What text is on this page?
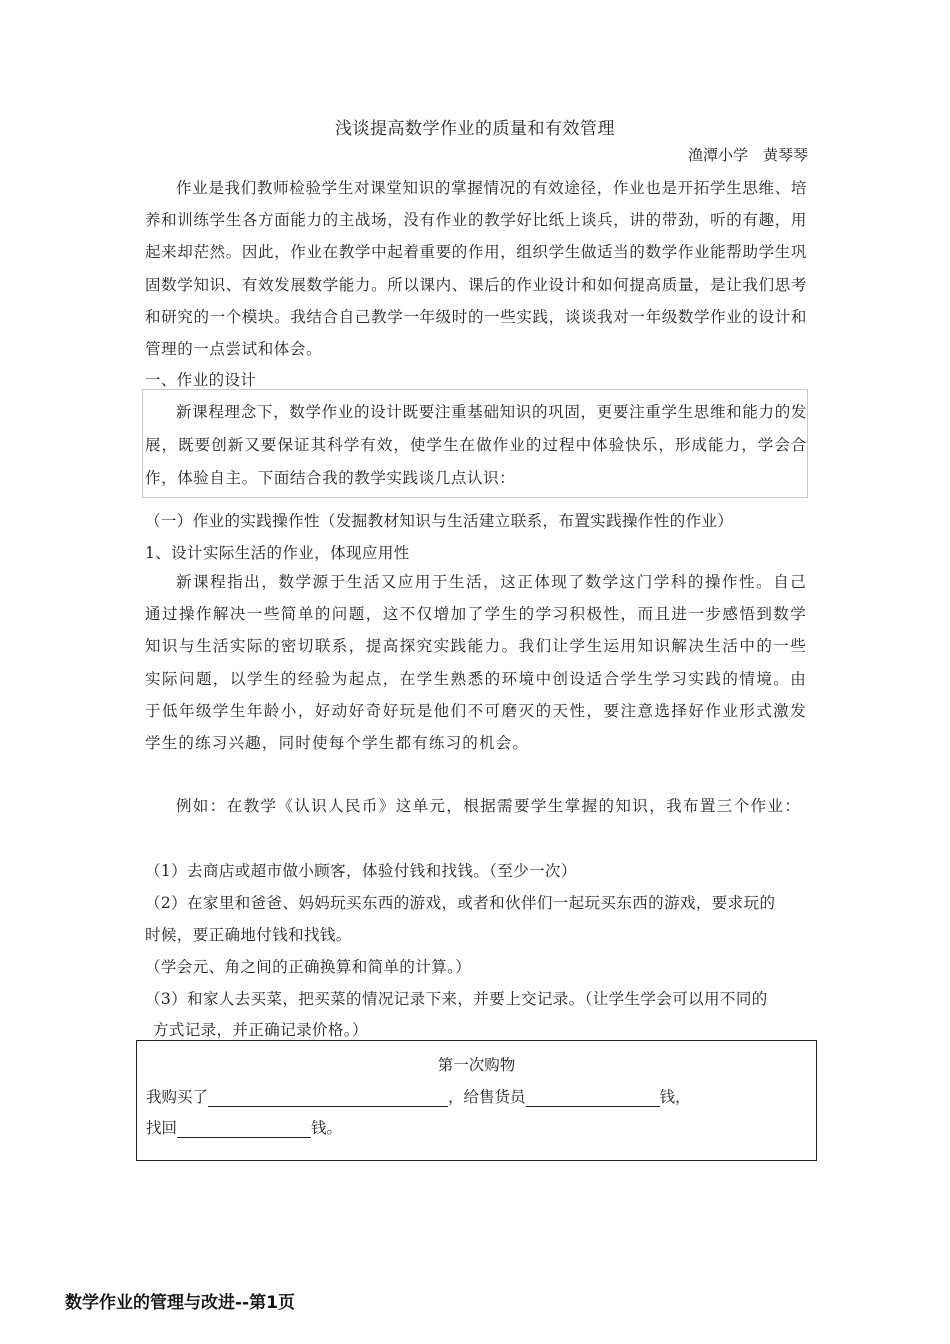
浅谈提高数学作业的质量和有效管理
渔潭小学　黄琴琴

作业是我们教师检验学生对课堂知识的掌握情况的有效途径，作业也是开拓学生思维、培养和训练学生各方面能力的主战场，没有作业的教学好比纸上谈兵，讲的带劲，听的有趣，用起来却茫然。因此，作业在教学中起着重要的作用，组织学生做适当的数学作业能帮助学生巩固数学知识、有效发展数学能力。所以课内、课后的作业设计和如何提高质量，是让我们思考和研究的一个模块。我结合自己教学一年级时的一些实践，谈谈我对一年级数学作业的设计和管理的一点尝试和体会。

一、作业的设计

新课程理念下，数学作业的设计既要注重基础知识的巩固，更要注重学生思维和能力的发展，既要创新又要保证其科学有效，使学生在做作业的过程中体验快乐，形成能力，学会合作，体验自主。下面结合我的教学实践谈几点认识：

（一）作业的实践操作性（发掘教材知识与生活建立联系，布置实践操作性的作业）
1、设计实际生活的作业，体现应用性

新课程指出，数学源于生活又应用于生活，这正体现了数学这门学科的操作性。自己通过操作解决一些简单的问题，这不仅增加了学生的学习积极性，而且进一步感悟到数学知识与生活实际的密切联系，提高探究实践能力。我们让学生运用知识解决生活中的一些实际问题，以学生的经验为起点，在学生熟悉的环境中创设适合学生学习实践的情境。由于低年级学生年龄小，好动好奇好玩是他们不可磨灭的天性，要注意选择好作业形式激发学生的练习兴趣，同时使每个学生都有练习的机会。

例如：在教学《认识人民币》这单元，根据需要学生掌握的知识，我布置三个作业：

（1）去商店或超市做小顾客，体验付钱和找钱。（至少一次）
（2）在家里和爸爸、妈妈玩买东西的游戏，或者和伙伴们一起玩买东西的游戏，要求玩的
时候，要正确地付钱和找钱。
（学会元、角之间的正确换算和简单的计算。）
（3）和家人去买菜，把买菜的情况记录下来，并要上交记录。（让学生学会可以用不同的
方式记录，并正确记录价格。）
第一次购物
我购买了	，给售货员	钱，
找回	钱。
数学作业的管理与改进--第1页
